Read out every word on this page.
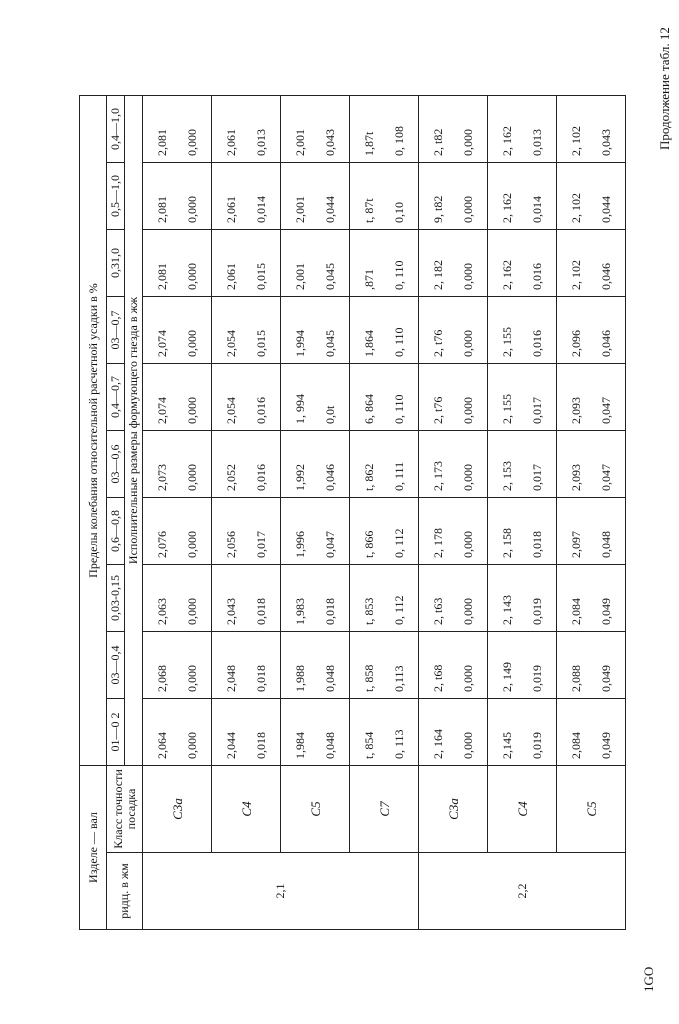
1GO
Продолжение табл. 12
Изделе — вал		Пределы колебания относительной расчетной усадки в %									
ридц. в жм	Класс точности посадка	01—0 2	03—0,4	0,03-0,15	0,6—0,8	03—0,6	0,4—0,7	03—0,7	0,31,0	0,5—1,0	0,4—1,0
		Исполнительные размеры формующего гнезда в жж									
2,1	C3a	2,064 0,000	2,068 0,000	2,063 0,000	2,076 0,000	2,073 0,000	2,074 0,000	2,074 0,000	2,081 0,000	2,081 0,000	2,081 0,000

	C4	2,044 0,018	2,048 0,018	2,043 0,018	2,056 0,017	2,052 0,016	2,054 0,016	2,054 0,015	2,061 0,015	2,061 0,014	2,061 0,013

	C5	1,984 0,048	1,988 0,048	1,983 0,018	1,996 0,047	1,992 0,046	1, 994 0,0t	1,994 0,045	2,001 0,045	2,001 0,044	2,001 0,043

	C7	t, 854 0, 113	t, 858 0,113	t, 853 0, 112	t, 866 0, 112	t, 862 0, 111	6, 864 0, 110	1,864 0, 110	,871 0, 110	t, 87t 0,10	1,87t 0, 108

2,2	C3a	2, 164 0,000	2, t68 0,000	2, t63 0,000	2, 178 0,000	2, 173 0,000	2, t76 0,000	2, t76 0,000	2, 182 0,000	9, t82 0,000	2, t82 0,000

	C4	2,145 0,019	2, 149 0,019	2, 143 0,019	2, 158 0,018	2, 153 0,017	2, 155 0,017	2, 155 0,016	2, 162 0,016	2, 162 0,014	2, 162 0,013

	C5	2,084 0,049	2,088 0,049	2,084 0,049	2,097 0,048	2,093 0,047	2,093 0,047	2,096 0,046	2, 102 0,046	2, 102 0,044	2, 102 0,043
